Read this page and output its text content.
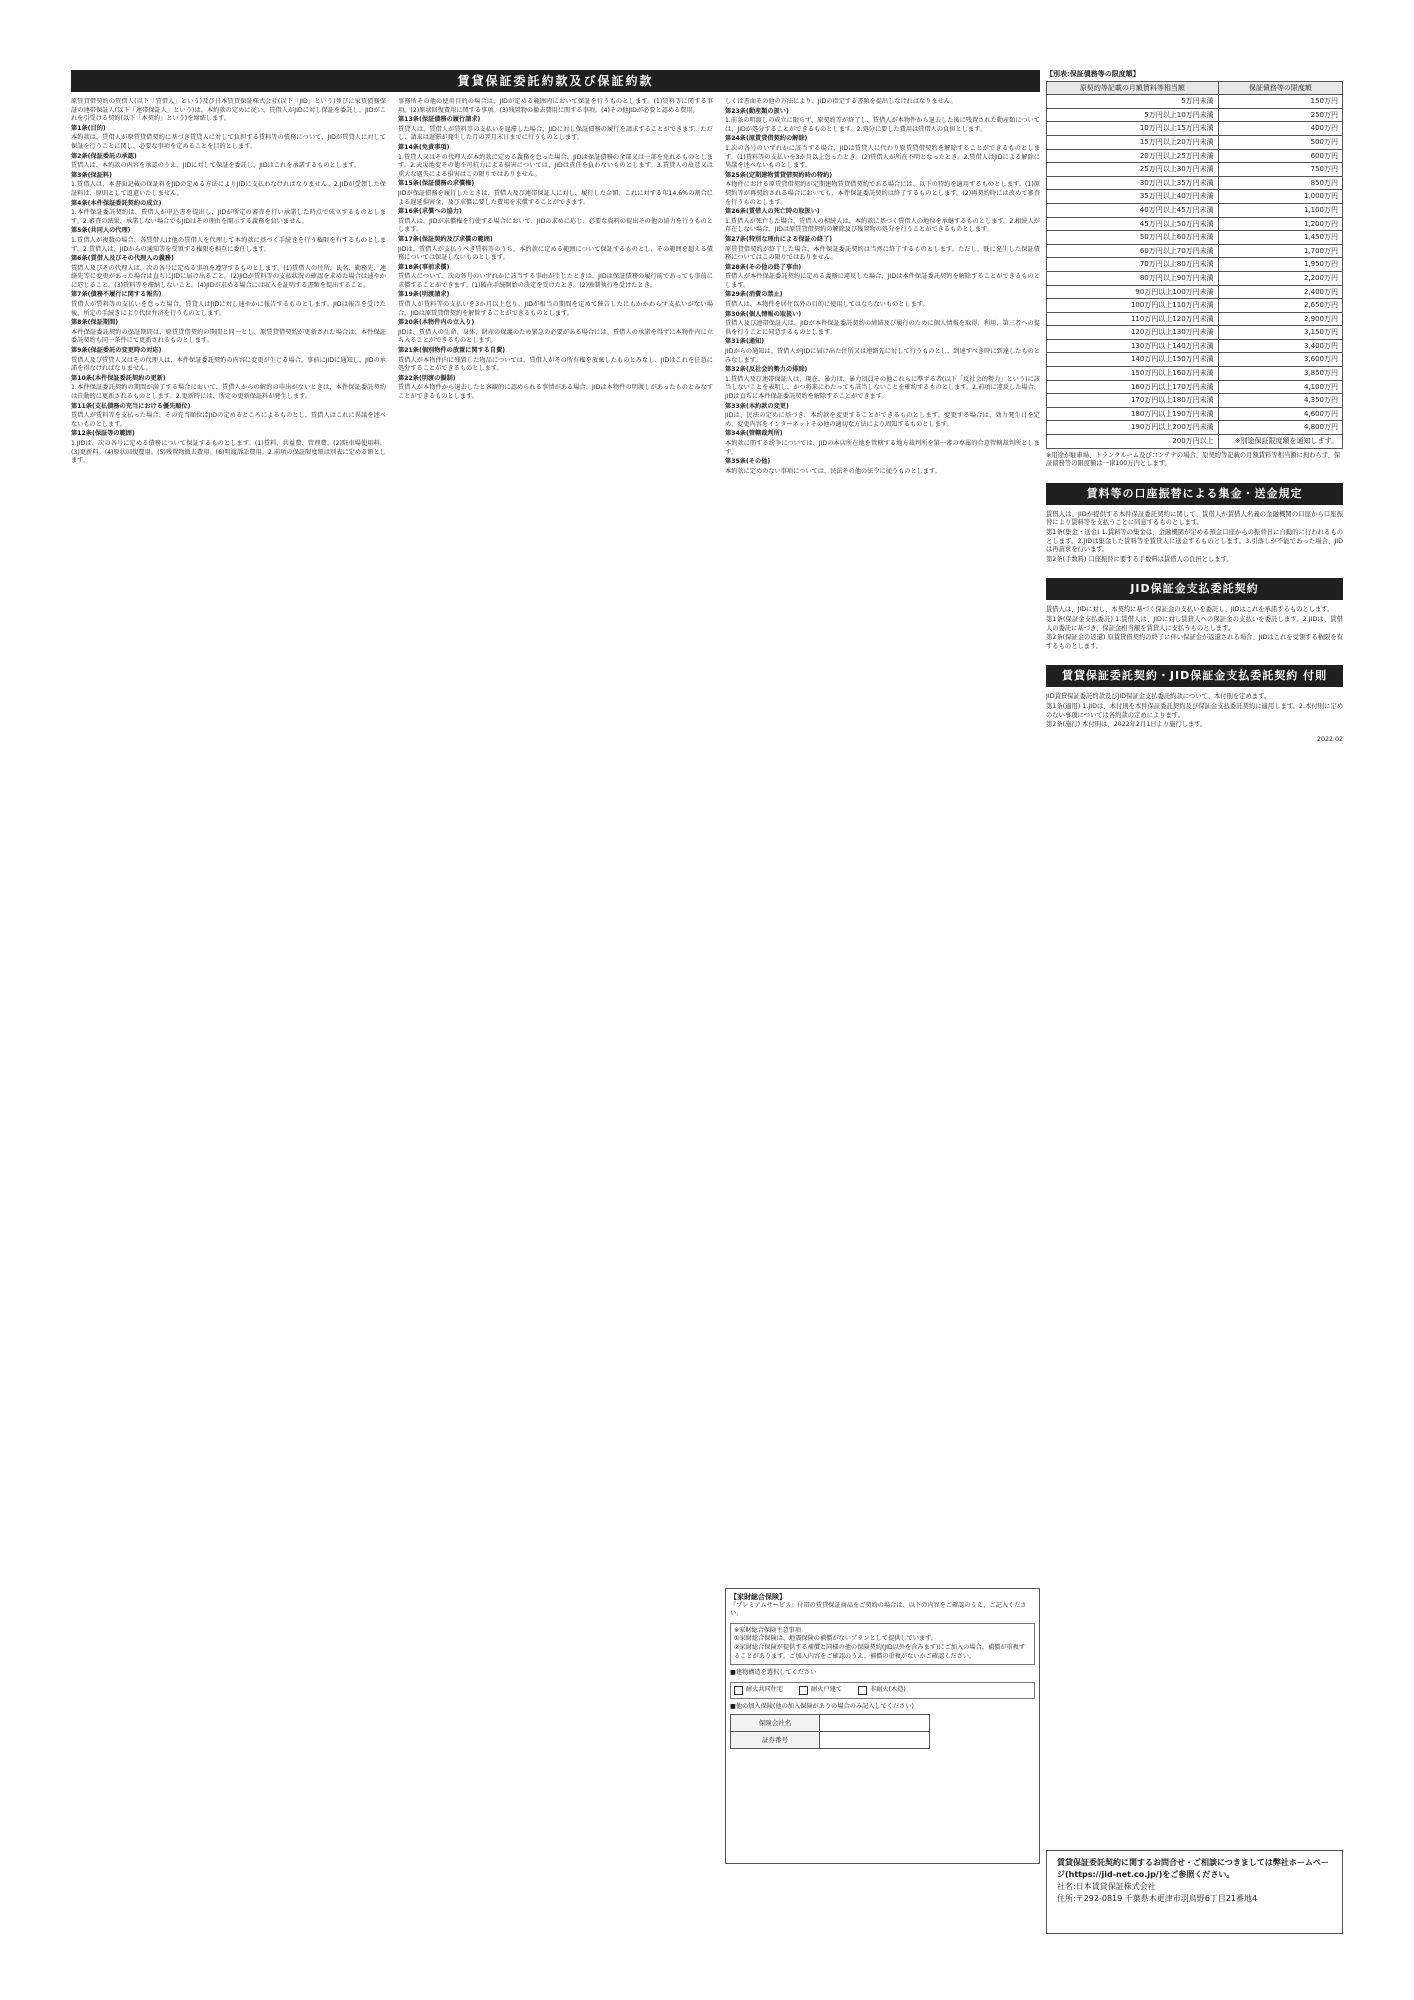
賃貸保証委託約款及び保証約款

原賃貸借契約の賃借人(以下「賃借人」という)及び日本賃貸保証株式会社(以下「JID」という)並びに家賃債務保証の連帯保証人(以下「連帯保証人」という)は、本約款の定めに従い、賃借人がJIDに対し保証を委託し、JIDがこれを引受ける契約(以下「本契約」という)を締結します。

第1条(目的)

本約款は、賃借人が原賃貸借契約に基づき賃貸人に対して負担する賃料等の債務について、JIDが賃貸人に対して保証を行うことに関し、必要な事項を定めることを目的とします。

第2条(保証委託の承認)

賃借人は、本約款の内容を承認のうえ、JIDに対して保証を委託し、JIDはこれを承諾するものとします。

第3条(保証料)

1.賃借人は、本書面記載の保証料をJIDの定める方法によりJIDに支払わなければなりません。2.JIDが受領した保証料は、原則として返還いたしません。

第4条(本件保証委託契約の成立)

1.本件保証委託契約は、賃借人が申込書を提出し、JIDが所定の審査を行い承諾した時点で成立するものとします。2.審査の結果、承諾しない場合でもJIDはその理由を開示する義務を負いません。

第5条(共同人の代理)

1.賃借人が複数の場合、各賃借人は他の賃借人を代理して本約款に基づく手続きを行う権限を有するものとします。2.賃借人は、JIDからの通知等を受領する権限を相互に委任します。

第6条(賃借人及びその代理人の義務)

賃借人及びその代理人は、次の各号に定める事項を遵守するものとします。(1)賃借人の住所、氏名、勤務先、連絡先等に変更があった場合は直ちにJIDに届け出ること。(2)JIDが賃料等の支払状況の確認を求めた場合は速やかに応じること。(3)賃料等を滞納しないこと。(4)JIDが求める場合には収入を証明する書類を提出すること。

第7条(債務不履行に関する報告)

賃借人が賃料等の支払いを怠った場合、賃貸人はJIDに対し速やかに報告するものとします。JIDは報告を受けた後、所定の手続きにより代位弁済を行うものとします。

第8条(保証期間)

本件保証委託契約の保証期間は、原賃貸借契約の期間と同一とし、原賃貸借契約が更新された場合は、本件保証委託契約も同一条件にて更新されるものとします。

第9条(保証委託の変更時の対応)

賃借人及び賃貸人又はその代理人は、本件保証委託契約の内容に変更が生じる場合、事前にJIDに通知し、JIDの承諾を得なければなりません。

第10条(本件保証委託契約の更新)

1.本件保証委託契約の期間が満了する場合において、賃借人からの解約の申出がないときは、本件保証委託契約は自動的に更新されるものとします。2.更新時には、所定の更新保証料が発生します。

第11条(支払債務の充当における優先順位)

賃借人が賃料等を支払った場合、その充当順位はJIDの定めるところによるものとし、賃借人はこれに異議を述べないものとします。

第12条(保証等の範囲)

1.JIDは、次の各号に定める債務について保証するものとします。(1)賃料、共益費、管理費。(2)駐車場使用料。(3)更新料。(4)原状回復費用。(5)残置物撤去費用。(6)明渡訴訟費用。2.前項の保証限度額は別表に定める額とします。

事務所その他の使用目的の場合は、JIDが定める範囲内において保証を行うものとします。(1)賃料等に関する事項。(2)原状回復費用に関する事項。(3)残置物の撤去費用に関する事項。(4)その他JIDが必要と認める費用。

第13条(保証債務の履行請求)

賃貸人は、賃借人が賃料等の支払いを遅滞した場合、JIDに対し保証債務の履行を請求することができます。ただし、請求は遅滞が発生した月の翌月末日までに行うものとします。

第14条(免責事項)

1.賃貸人又はその代理人が本約款に定める義務を怠った場合、JIDは保証債務の全部又は一部を免れるものとします。2.天災地変その他不可抗力による損害については、JIDは責任を負わないものとします。3.賃貸人の故意又は重大な過失による損害はこの限りではありません。

第15条(保証債務の求償権)

JIDが保証債務を履行したときは、賃借人及び連帯保証人に対し、履行した金額、これに対する年14.6%の割合による遅延損害金、及び求償に要した費用を求償することができます。

第16条(求償への協力)

賃借人は、JIDが求償権を行使する場合において、JIDの求めに応じ、必要な資料の提出その他の協力を行うものとします。

第17条(保証契約及び求償の範囲)

JIDは、賃借人が支払うべき賃料等のうち、本約款に定める範囲について保証するものとし、その範囲を超える債務については保証しないものとします。

第18条(事前求償)

賃借人について、次の各号のいずれかに該当する事由が生じたときは、JIDは保証債務の履行前であっても事前に求償することができます。(1)破産手続開始の決定を受けたとき。(2)強制執行を受けたとき。

第19条(明渡請求)

賃借人が賃料等の支払いを3か月以上怠り、JIDが相当の期間を定めて催告したにもかかわらず支払いがない場合、JIDは原賃貸借契約を解除することができるものとします。

第20条(本物件内の立入り)

JIDは、賃借人の生命、身体、財産の保護のため緊急の必要がある場合には、賃借人の承諾を得ずに本物件内に立ち入ることができるものとします。

第21条(個別物件の放置に関する自費)

賃借人が本物件内に残置した物品については、賃借人がその所有権を放棄したものとみなし、JIDはこれを任意に処分することができるものとします。

第22条(明渡の擬制)

賃借人が本物件から退去したと客観的に認められる事情がある場合、JIDは本物件の明渡しがあったものとみなすことができるものとします。

しくは書面その他の方法により、JIDの指定する書類を提出しなければなりません。

第23条(動産類の扱い)

1.前条の明渡しの成立に限らず、原契約等が終了し、賃借人が本物件から退去した後に残置された動産類については、JIDが処分することができるものとします。2.処分に要した費用は賃借人の負担とします。

第24条(原賃貸借契約の解除)

1.次の各号のいずれかに該当する場合、JIDは賃貸人に代わり原賃貸借契約を解除することができるものとします。(1)賃料等の支払いを3か月以上怠ったとき。(2)賃借人が所在不明となったとき。2.賃借人はJIDによる解除に異議を述べないものとします。

第25条(定期建物賃貸借契約時の特約)

本物件における原賃貸借契約が定期建物賃貸借契約である場合には、以下の特約を適用するものとします。(1)原契約等が再契約される場合においても、本件保証委託契約は終了するものとします。(2)再契約時には改めて審査を行うものとします。

第26条(賃借人の死亡時の取扱い)

1.賃借人が死亡した場合、賃借人の相続人は、本約款に基づく賃借人の地位を承継するものとします。2.相続人が存在しない場合、JIDは原賃貸借契約の解除及び残置物の処分を行うことができるものとします。

第27条(特別な理由による保証の終了)

原賃貸借契約が終了した場合、本件保証委託契約は当然に終了するものとします。ただし、既に発生した保証債務についてはこの限りではありません。

第28条(その他の終了事由)

賃借人が本件保証委託契約に定める義務に違反した場合、JIDは本件保証委託契約を解除することができるものとします。

第29条(消費の禁止)

賃借人は、本物件を居住以外の目的に使用してはならないものとします。

第30条(個人情報の取扱い)

賃借人及び連帯保証人は、JIDが本件保証委託契約の締結及び履行のために個人情報を取得、利用、第三者への提供を行うことに同意するものとします。

第31条(通知)

JIDからの通知は、賃借人がJIDに届け出た住所又は連絡先に対して行うものとし、到達すべき時に到達したものとみなします。

第32条(反社会的勢力の排除)

1.賃借人及び連帯保証人は、現在、暴力団、暴力団員その他これらに準ずる者(以下「反社会的勢力」という)に該当しないことを表明し、かつ将来にわたっても該当しないことを確約するものとします。2.前項に違反した場合、JIDは直ちに本件保証委託契約を解除することができます。

第33条(本約款の変更)

JIDは、民法の定めに基づき、本約款を変更することができるものとします。変更する場合は、効力発生日を定め、変更内容をインターネットその他の適切な方法により周知するものとします。

第34条(管轄裁判所)

本約款に関する紛争については、JIDの本店所在地を管轄する地方裁判所を第一審の専属的合意管轄裁判所とします。

第35条(その他)

本約款に定めのない事項については、民法その他の法令に従うものとします。

【家財総合保険】
『プレミアムサービス』付帯の賃貸保証商品をご契約の場合は、以下の内容をご確認のうえ、ご記入ください。
※家財総合保険主意事項
①家財総合保険は、地震保険の補償がないプランとして提供しています。
②家財総合保険が提供する補償と同様の他の保険契約(JID以外を含みます)にご加入の場合、補償が重複することがあります。ご加入内容をご確認のうえ、補償の重複がないかご確認ください。
■建物構造を選択してください
耐火共同住宅	耐火戸建て	非耐火(木造)
■他の加入保険(他の加入保険がありの場合のみ記入してください)
保険会社名	
証券番号	
【別表:保証債務等の限度額】
原契約等記載の月額賃料等相当額	保証債務等の限度額
5万円未満	150万円
5万円以上10万円未満	250万円
10万円以上15万円未満	400万円
15万円以上20万円未満	500万円
20万円以上25万円未満	600万円
25万円以上30万円未満	750万円
30万円以上35万円未満	850万円
35万円以上40万円未満	1,000万円
40万円以上45万円未満	1,100万円
45万円以上50万円未満	1,200万円
50万円以上60万円未満	1,450万円
60万円以上70万円未満	1,700万円
70万円以上80万円未満	1,950万円
80万円以上90万円未満	2,200万円
90万円以上100万円未満	2,400万円
100万円以上110万円未満	2,650万円
110万円以上120万円未満	2,900万円
120万円以上130万円未満	3,150万円
130万円以上140万円未満	3,400万円
140万円以上150万円未満	3,600万円
150万円以上160万円未満	3,850万円
160万円以上170万円未満	4,100万円
170万円以上180万円未満	4,350万円
180万円以上190万円未満	4,600万円
190万円以上200万円未満	4,800万円
200万円以上	※別途保証限度額を通知します。
※用途が駐車場、トランクルーム及びコンテナの場合、原契約等記載の月額賃料等相当額に拘わらず、保証債務等の限度額は一律100万円とします。
賃料等の口座振替による集金・送金規定

賃借人は、JIDが提供する本件保証委託契約に関して、賃借人が賃借人名義の金融機関の口座から口座振替により賃料等を支払うことに同意するものとします。

第1条(集金・送金) 1.賃料等の集金は、金融機関が定める預金口座からの振替日に自動的に行われるものとします。2.JIDは集金した賃料等を賃貸人に送金するものとします。3.引落しが不能であった場合、JIDは再請求を行います。

第2条(手数料) 口座振替に要する手数料は賃借人の負担とします。

JID保証金支払委託契約

賃借人は、JIDに対し、本契約に基づく保証金の支払いを委託し、JIDはこれを承諾するものとします。

第1条(保証金支払委託) 1.賃借人は、JIDに対し賃貸人への保証金の支払いを委託します。2.JIDは、賃借人の委託に基づき、保証金相当額を賃貸人に支払うものとします。

第2条(保証金の返還) 原賃貸借契約の終了に伴い保証金が返還される場合、JIDはこれを受領する権限を有するものとします。

賃貸保証委託契約・JID保証金支払委託契約 付則

JID賃貸保証委託約款及びJID保証金支払委託約款について、本付則を定めます。

第1条(適用) 1.JIDは、本付則を本件保証委託契約及び保証金支払委託契約に適用します。2.本付則に定めのない事項については各約款の定めによります。

第2条(施行) 本付則は、2022年2月1日より施行します。

2022.02
賃貸保証委託契約に関するお問合せ・ご相談につきましては弊社ホームページ(https://jid-net.co.jp/)をご参照ください。
社名:日本賃貸保証株式会社
住所:〒292-0819 千葉県木更津市羽鳥野6丁目21番地4
